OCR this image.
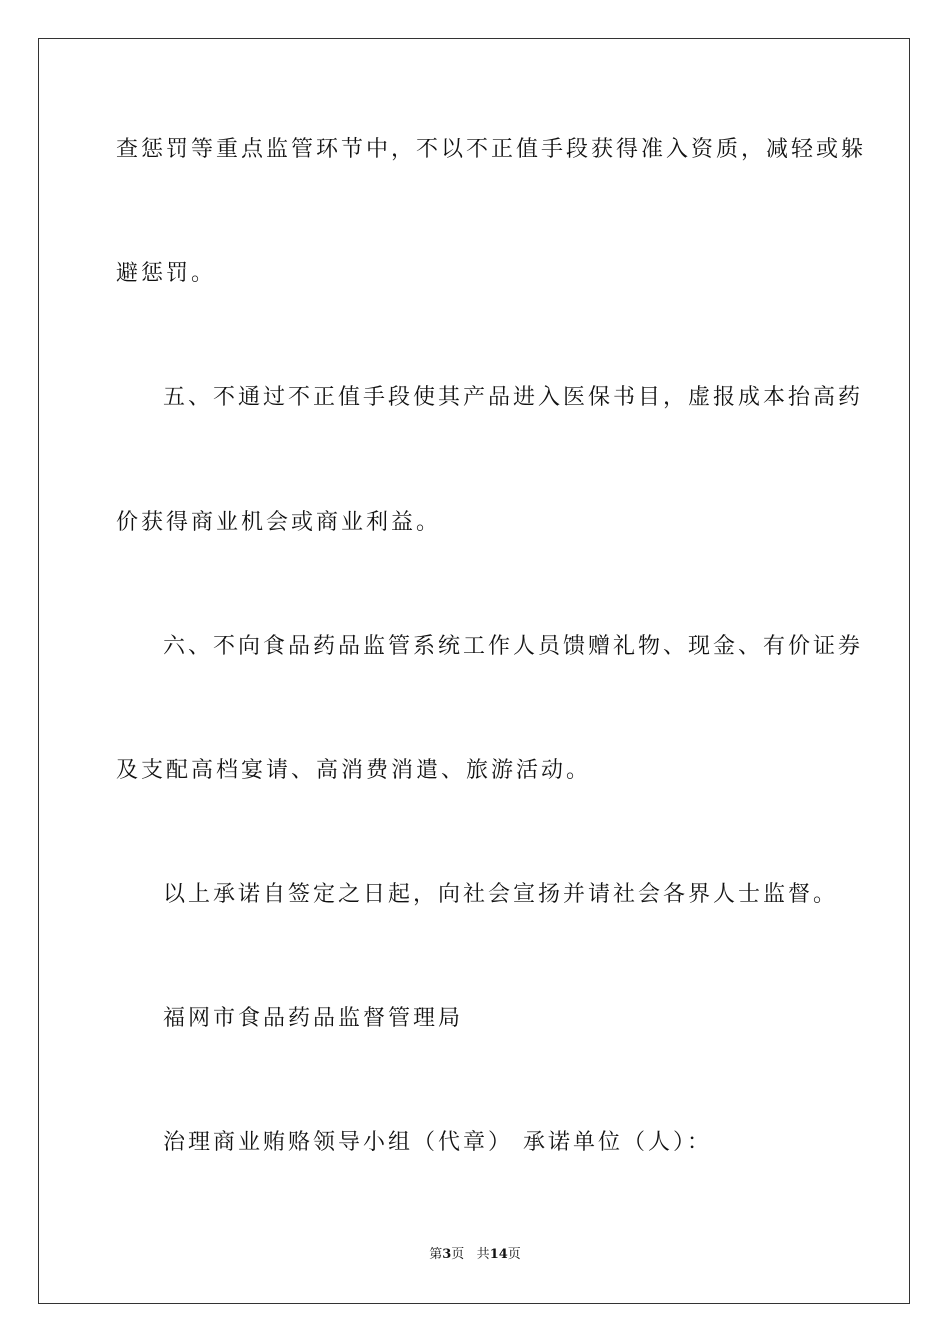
查惩罚等重点监管环节中，不以不正值手段获得准入资质，减轻或躲
避惩罚。
五、不通过不正值手段使其产品进入医保书目，虚报成本抬高药
价获得商业机会或商业利益。
六、不向食品药品监管系统工作人员馈赠礼物、现金、有价证券
及支配高档宴请、高消费消遣、旅游活动。
以上承诺自签定之日起，向社会宣扬并请社会各界人士监督。
福网市食品药品监督管理局
治理商业贿赂领导小组（代章） 承诺单位（人）：
第3页 共14页
